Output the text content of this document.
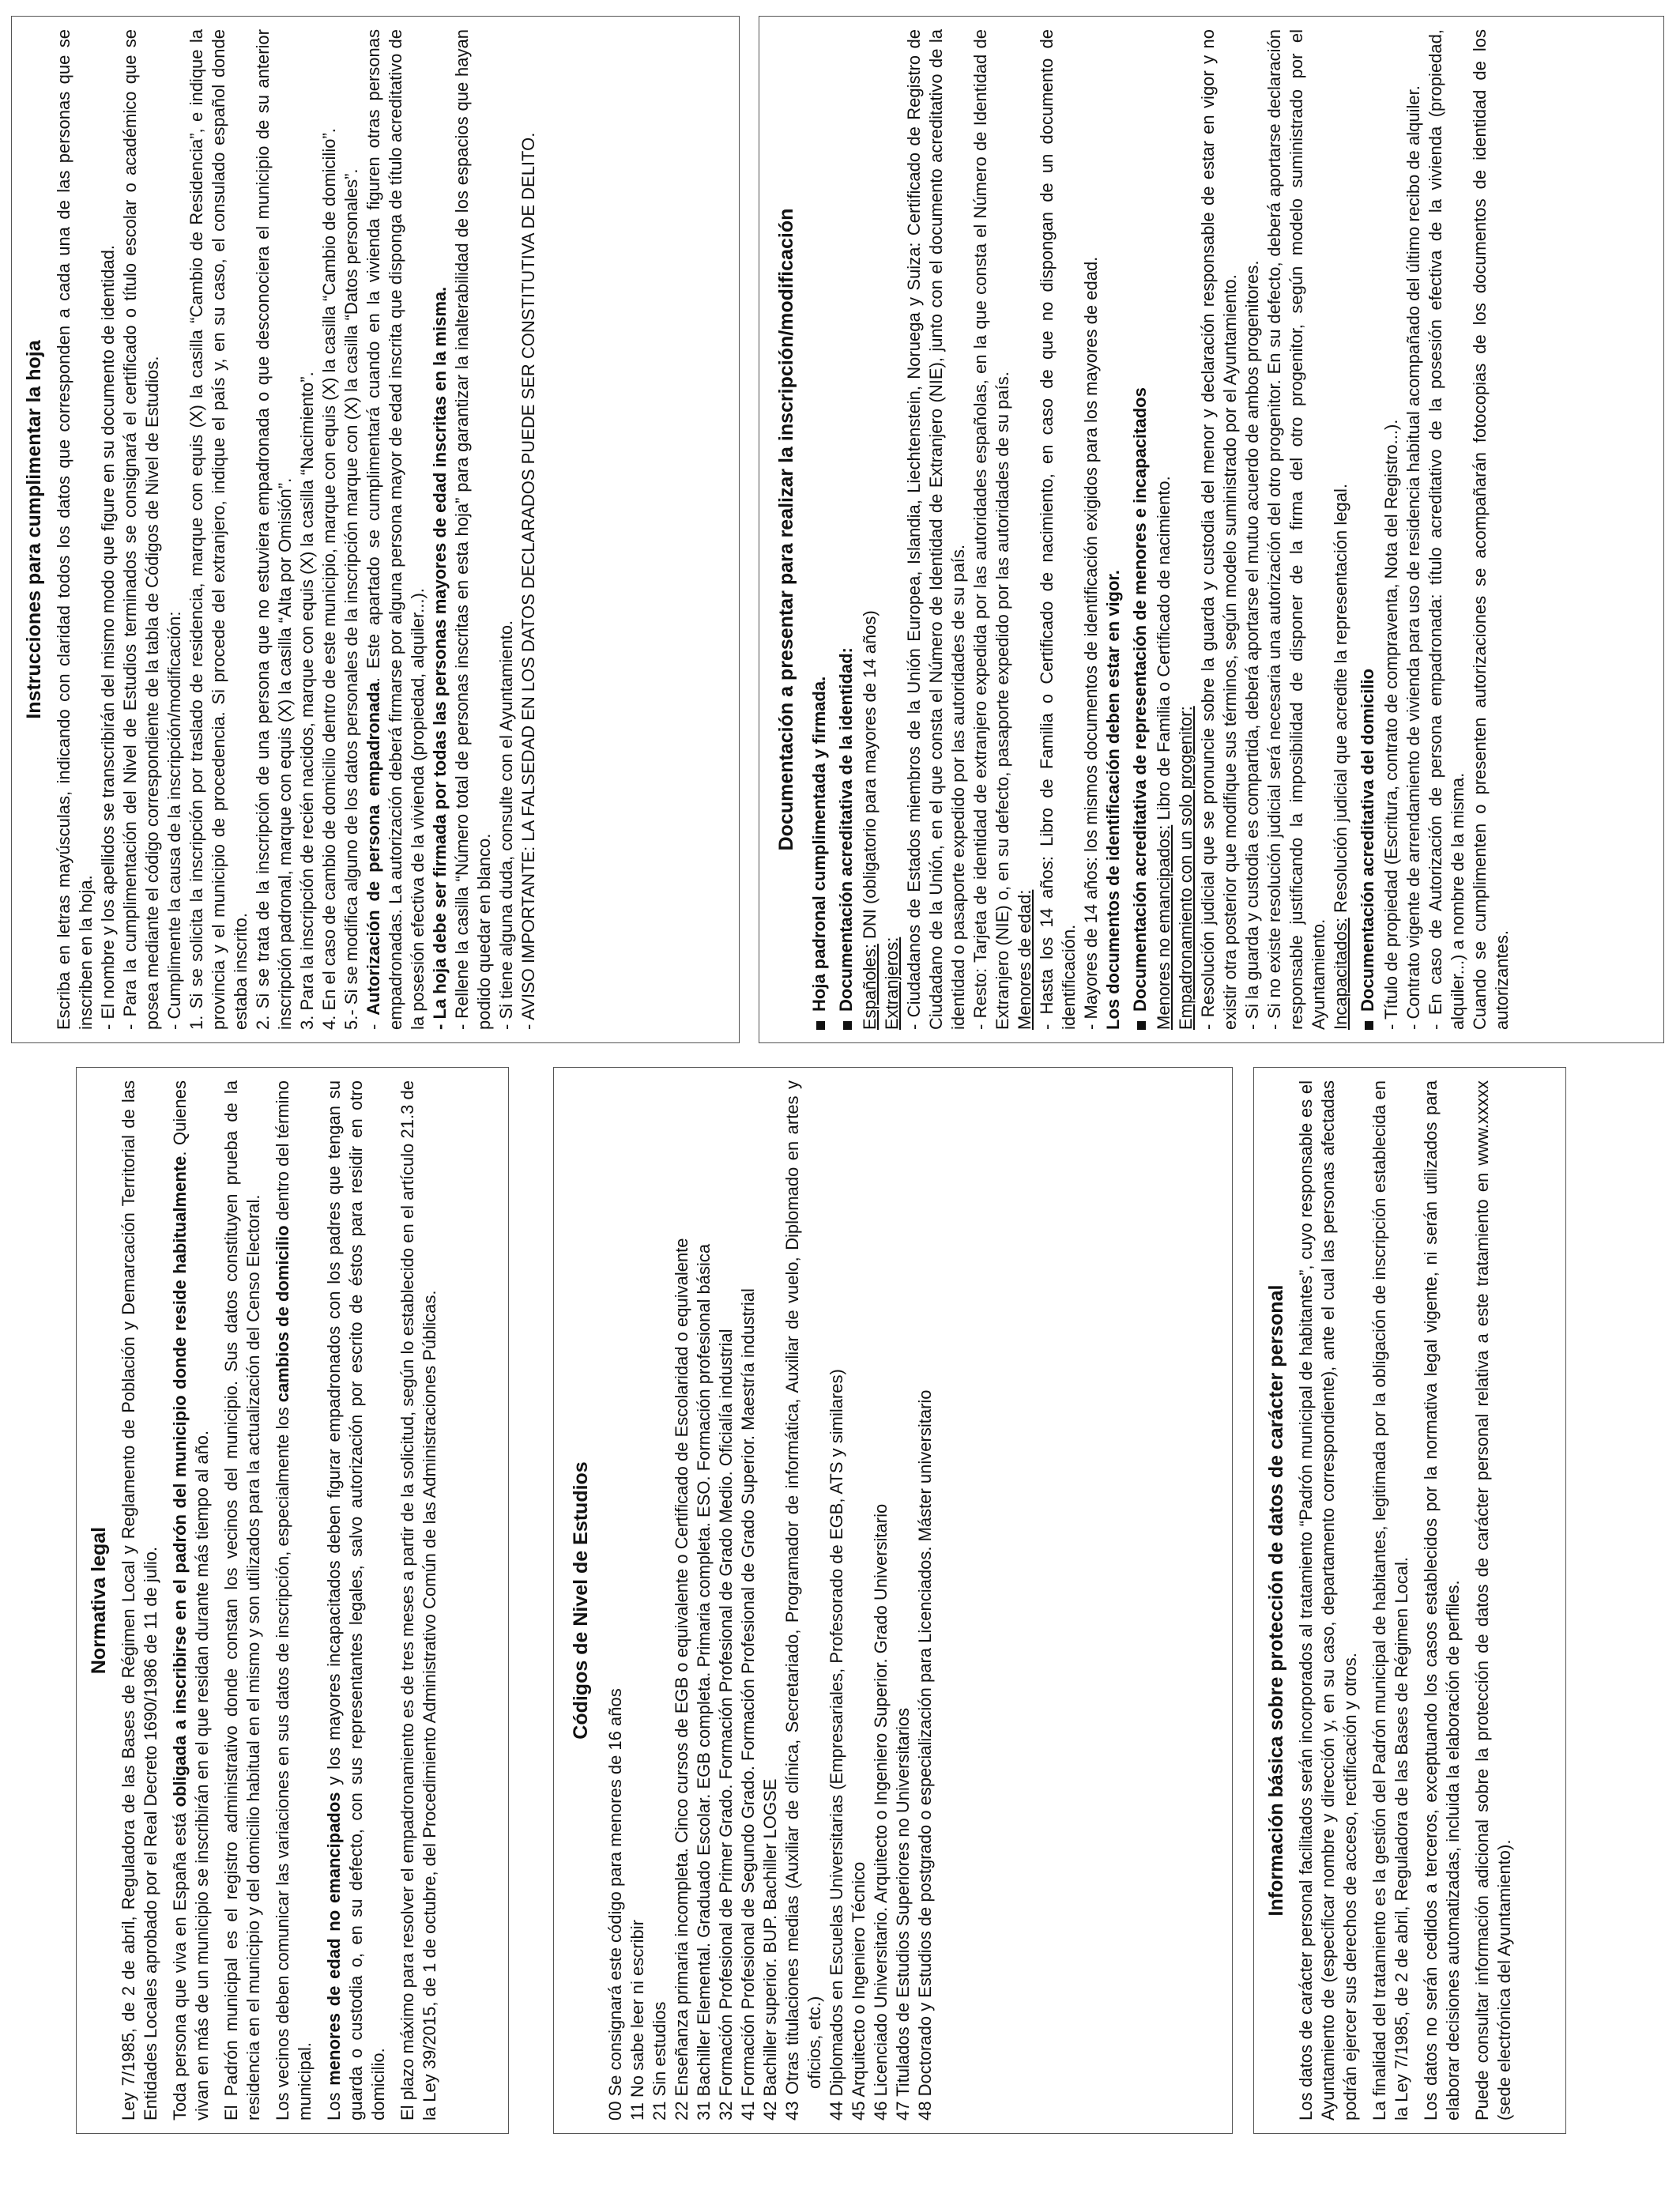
Normativa legal Ley 7/1985, de 2 de abril, Reguladora de las Bases de Régimen Local y Reglamento de Población y Demarcación Territorial de las Entidades Locales aprobado por el Real Decreto 1690/1986 de 11 de julio. Toda persona que viva en España está obligada a inscribirse en el padrón del municipio donde reside habitualmente. Quienes vivan en más de un municipio se inscribirán en el que residan durante más tiempo al año. El Padrón municipal es el registro administrativo donde constan los vecinos del municipio. Sus datos constituyen prueba de la residencia en el municipio y del domicilio habitual en el mismo y son utilizados para la actualización del Censo Electoral. Los vecinos deben comunicar las variaciones en sus datos de inscripción, especialmente los cambios de domicilio dentro del término municipal. Los menores de edad no emancipados y los mayores incapacitados deben figurar empadronados con los padres que tengan su guarda o custodia o, en su defecto, con sus representantes legales, salvo autorización por escrito de éstos para residir en otro domicilio. El plazo máximo para resolver el empadronamiento es de tres meses a partir de la solicitud, según lo establecido en el artículo 21.3 de la Ley 39/2015, de 1 de octubre, del Procedimiento Administrativo Común de las Administraciones Públicas.	Códigos de Nivel de Estudios

00 Se consignará este código para menores de 16 años 11 No sabe leer ni escribir 21 Sin estudios 22 Enseñanza primaria incompleta. Cinco cursos de EGB o equivalente o Certificado de Escolaridad o equivalente 31 Bachiller Elemental. Graduado Escolar. EGB completa. Primaria completa. ESO. Formación profesional básica 32 Formación Profesional de Primer Grado. Formación Profesional de Grado Medio. Oficialía industrial 41 Formación Profesional de Segundo Grado. Formación Profesional de Grado Superior. Maestría industrial 42 Bachiller superior. BUP. Bachiller LOGSE 43 Otras titulaciones medias (Auxiliar de clínica, Secretariado, Programador de informática, Auxiliar de vuelo, Diplomado en artes y oficios, etc.) 44 Diplomados en Escuelas Universitarias (Empresariales, Profesorado de EGB, ATS y similares) 45 Arquitecto o Ingeniero Técnico 46 Licenciado Universitario. Arquitecto o Ingeniero Superior. Grado Universitario 47 Titulados de Estudios Superiores no Universitarios 48 Doctorado y Estudios de postgrado o especialización para Licenciados. Máster universitario	Información básica sobre protección de datos de carácter personal Los datos de carácter personal facilitados serán incorporados al tratamiento “Padrón municipal de habitantes”, cuyo responsable es el Ayuntamiento de (especificar nombre y dirección y, en su caso, departamento correspondiente), ante el cual las personas afectadas podrán ejercer sus derechos de acceso, rectificación y otros. La finalidad del tratamiento es la gestión del Padrón municipal de habitantes, legitimada por la obligación de inscripción establecida en la Ley 7/1985, de 2 de abril, Reguladora de las Bases de Régimen Local. Los datos no serán cedidos a terceros, exceptuando los casos establecidos por la normativa legal vigente, ni serán utilizados para elaborar decisiones automatizadas, incluida la elaboración de perfiles. Puede consultar información adicional sobre la protección de datos de carácter personal relativa a este tratamiento en www.xxxxx (sede electrónica del Ayuntamiento).

Instrucciones para cumplimentar la hoja Escriba en letras mayúsculas, indicando con claridad todos los datos que corresponden a cada una de las personas que se inscriben en la hoja. - El nombre y los apellidos se transcribirán del mismo modo que figure en su documento de identidad. - Para la cumplimentación del Nivel de Estudios terminados se consignará el certificado o título escolar o académico que se posea mediante el código correspondiente de la tabla de Códigos de Nivel de Estudios. - Cumplimente la causa de la inscripción/modificación: 1. Si se solicita la inscripción por traslado de residencia, marque con equis (X) la casilla “Cambio de Residencia”, e indique la provincia y el municipio de procedencia. Si procede del extranjero, indique el país y, en su caso, el consulado español donde estaba inscrito. 2. Si se trata de la inscripción de una persona que no estuviera empadronada o que desconociera el municipio de su anterior inscripción padronal, marque con equis (X) la casilla “Alta por Omisión”. 3. Para la inscripción de recién nacidos, marque con equis (X) la casilla “Nacimiento”. 4. En el caso de cambio de domicilio dentro de este municipio, marque con equis (X) la casilla “Cambio de domicilio”. 5.- Si se modifica alguno de los datos personales de la inscripción marque con (X) la casilla “Datos personales”. - Autorización de persona empadronada. Este apartado se cumplimentará cuando en la vivienda figuren otras personas empadronadas. La autorización deberá firmarse por alguna persona mayor de edad inscrita que disponga de título acreditativo de la posesión efectiva de la vivienda (propiedad, alquiler...). - La hoja debe ser firmada por todas las personas mayores de edad inscritas en la misma. - Rellene la casilla “Número total de personas inscritas en esta hoja” para garantizar la inalterabilidad de los espacios que hayan podido quedar en blanco. - Si tiene alguna duda, consulte con el Ayuntamiento. - AVISO IMPORTANTE: LA FALSEDAD EN LOS DATOS DECLARADOS PUEDE SER CONSTITUTIVA DE DELITO.	Documentación a presentar para realizar la inscripción/modificación Hoja padronal cumplimentada y firmada. Documentación acreditativa de la identidad: Españoles: DNI (obligatorio para mayores de 14 años)

Extranjeros: - Ciudadanos de Estados miembros de la Unión Europea, Islandia, Liechtenstein, Noruega y Suiza: Certificado de Registro de Ciudadano de la Unión, en el que consta el Número de Identidad de Extranjero (NIE), junto con el documento acreditativo de la identidad o pasaporte expedido por las autoridades de su país. - Resto: Tarjeta de identidad de extranjero expedida por las autoridades españolas, en la que consta el Número de Identidad de Extranjero (NIE) o, en su defecto, pasaporte expedido por las autoridades de su país. Menores de edad: - Hasta los 14 años: Libro de Familia o Certificado de nacimiento, en caso de que no dispongan de un documento de identificación. - Mayores de 14 años: los mismos documentos de identificación exigidos para los mayores de edad. Los documentos de identificación deben estar en vigor. Documentación acreditativa de representación de menores e incapacitados Menores no emancipados: Libro de Familia o Certificado de nacimiento.

Empadronamiento con un solo progenitor: - Resolución judicial que se pronuncie sobre la guarda y custodia del menor y declaración responsable de estar en vigor y no existir otra posterior que modifique sus términos, según modelo suministrado por el Ayuntamiento. - Si la guarda y custodia es compartida, deberá aportarse el mutuo acuerdo de ambos progenitores. - Si no existe resolución judicial será necesaria una autorización del otro progenitor. En su defecto, deberá aportarse declaración responsable justificando la imposibilidad de disponer de la firma del otro progenitor, según modelo suministrado por el Ayuntamiento. Incapacitados: Resolución judicial que acredite la representación legal. Documentación acreditativa del domicilio - Título de propiedad (Escritura, contrato de compraventa, Nota del Registro...). - Contrato vigente de arrendamiento de vivienda para uso de residencia habitual acompañado del último recibo de alquiler. - En caso de Autorización de persona empadronada: título acreditativo de la posesión efectiva de la vivienda (propiedad, alquiler...) a nombre de la misma. Cuando se cumplimenten o presenten autorizaciones se acompañarán fotocopias de los documentos de identidad de los autorizantes.
